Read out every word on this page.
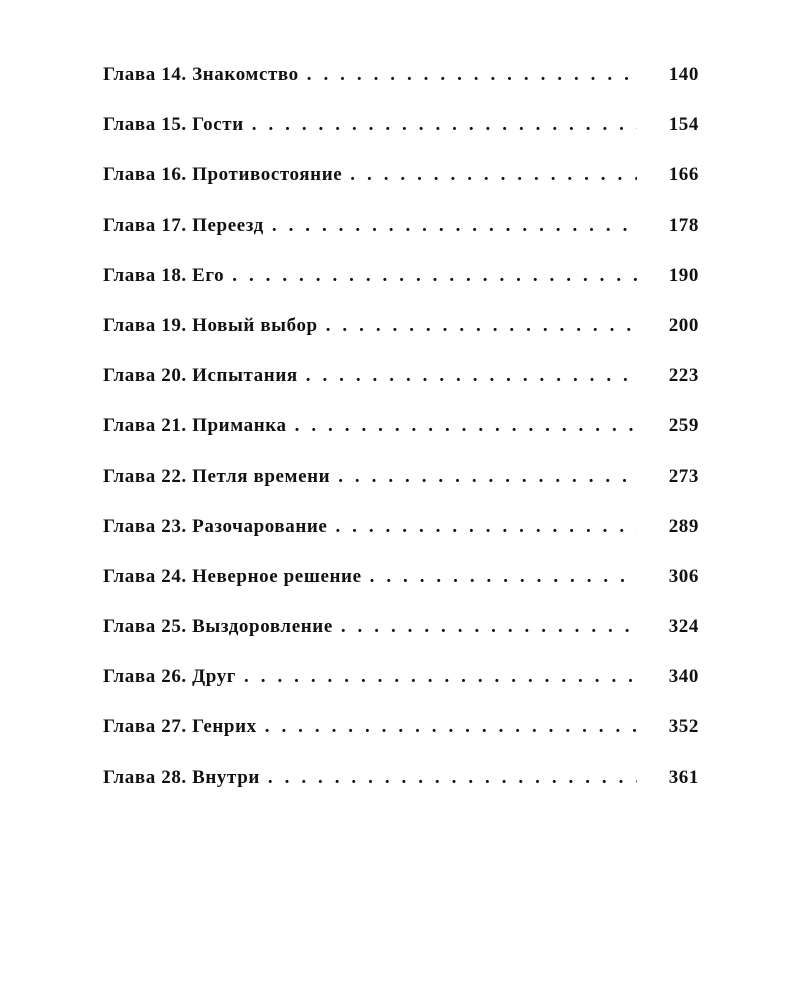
Глава 14. Знакомство . . .	140
Глава 15. Гости . . .	154
Глава 16. Противостояние . . .	166
Глава 17. Переезд . . .	178
Глава 18. Его . . .	190
Глава 19. Новый выбор . . .	200
Глава 20. Испытания . . .	223
Глава 21. Приманка . . .	259
Глава 22. Петля времени . . .	273
Глава 23. Разочарование . . .	289
Глава 24. Неверное решение . . .	306
Глава 25. Выздоровление . . .	324
Глава 26. Друг . . .	340
Глава 27. Генрих . . .	352
Глава 28. Внутри . . .	361
